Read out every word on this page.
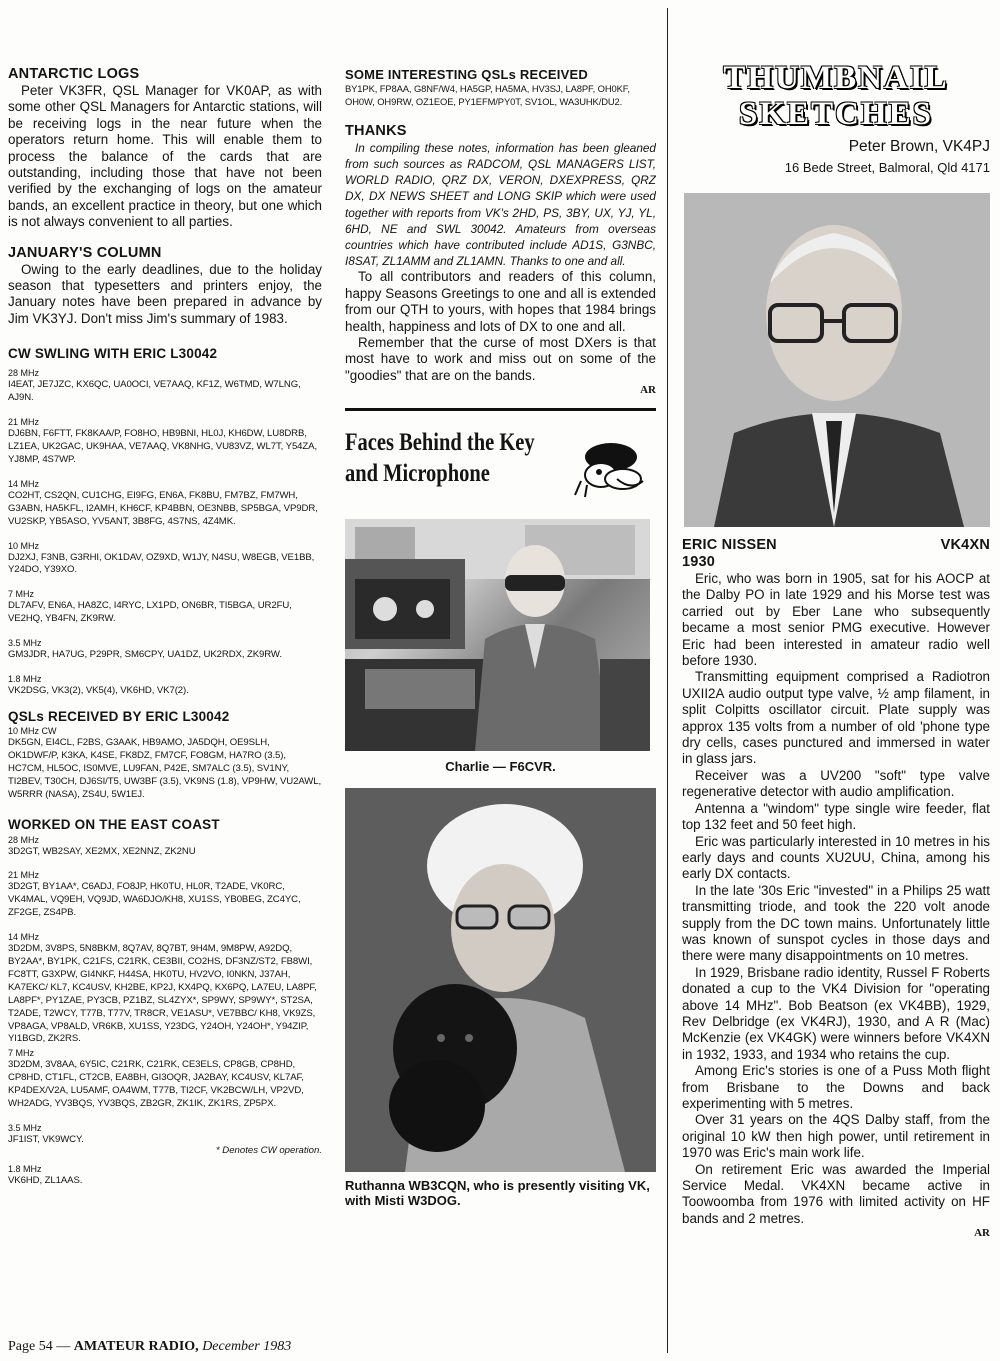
ANTARCTIC LOGS

Peter VK3FR, QSL Manager for VK0AP, as with some other QSL Managers for Antarctic stations, will be receiving logs in the near future when the operators return home. This will enable them to process the balance of the cards that are outstanding, including those that have not been verified by the exchanging of logs on the amateur bands, an excellent practice in theory, but one which is not always convenient to all parties.

JANUARY'S COLUMN

Owing to the early deadlines, due to the holiday season that typesetters and printers enjoy, the January notes have been prepared in advance by Jim VK3YJ. Don't miss Jim's summary of 1983.

CW SWLING WITH ERIC L30042
28 MHz

I4EAT, JE7JZC, KX6QC, UA0OCI, VE7AAQ, KF1Z, W6TMD, W7LNG, AJ9N.

21 MHz

DJ6BN, F6FTT, FK8KAA/P, FO8HO, HB9BNI, HL0J, KH6DW, LU8DRB, LZ1EA, UK2GAC, UK9HAA, VE7AAQ, VK8NHG, VU83VZ, WL7T, Y54ZA, YJ8MP, 4S7WP.

14 MHz

CO2HT, CS2QN, CU1CHG, EI9FG, EN6A, FK8BU, FM7BZ, FM7WH, G3ABN, HA5KFL, I2AMH, KH6CF, KP4BBN, OE3NBB, SP5BGA, VP9DR, VU2SKP, YB5ASO, YV5ANT, 3B8FG, 4S7NS, 4Z4MK.

10 MHz

DJ2XJ, F3NB, G3RHI, OK1DAV, OZ9XD, W1JY, N4SU, W8EGB, VE1BB, Y24DO, Y39XO.

7 MHz

DL7AFV, EN6A, HA8ZC, I4RYC, LX1PD, ON6BR, TI5BGA, UR2FU, VE2HQ, YB4FN, ZK9RW.

3.5 MHz

GM3JDR, HA7UG, P29PR, SM6CPY, UA1DZ, UK2RDX, ZK9RW.

1.8 MHz

VK2DSG, VK3(2), VK5(4), VK6HD, VK7(2).

QSLs RECEIVED BY ERIC L30042
10 MHz CW

DK5GN, EI4CL, F2BS, G3AAK, HB9AMO, JA5DQH, OE9SLH, OK1DWF/P, K3KA, K4SE, FK8DZ, FM7CF, FO8GM, HA7RO (3.5), HC7CM, HL5OC, IS0MVE, LU9FAN, P42E, SM7ALC (3.5), SV1NY, TI2BEV, T30CH, DJ6SI/T5, UW3BF (3.5), VK9NS (1.8), VP9HW, VU2AWL, W5RRR (NASA), ZS4U, 5W1EJ.

WORKED ON THE EAST COAST
28 MHz

3D2GT, WB2SAY, XE2MX, XE2NNZ, ZK2NU

21 MHz

3D2GT, BY1AA*, C6ADJ, FO8JP, HK0TU, HL0R, T2ADE, VK0RC, VK4MAL, VQ9EH, VQ9JD, WA6DJO/KH8, XU1SS, YB0BEG, ZC4YC, ZF2GE, ZS4PB.

14 MHz

3D2DM, 3V8PS, 5N8BKM, 8Q7AV, 8Q7BT, 9H4M, 9M8PW, A92DQ, BY2AA*, BY1PK, C21FS, C21RK, CE3BII, CO2HS, DF3NZ/ST2, FB8WI, FC8TT, G3XPW, GI4NKF, H44SA, HK0TU, HV2VO, I0NKN, J37AH, KA7EKC/ KL7, KC4USV, KH2BE, KP2J, KX4PQ, KX6PQ, LA7EU, LA8PF, LA8PF*, PY1ZAE, PY3CB, PZ1BZ, SL4ZYX*, SP9WY, SP9WY*, ST2SA, T2ADE, T2WCY, T77B, T77V, TR8CR, VE1ASU*, VE7BBC/ KH8, VK9ZS, VP8AGA, VP8ALD, VR6KB, XU1SS, Y23DG, Y24OH, Y24OH*, Y94ZIP, YI1BGD, ZK2RS.

7 MHz

3D2DM, 3V8AA, 6Y5IC, C21RK, C21RK, CE3ELS, CP8GB, CP8HD, CP8HD, CT1FL, CT2CB, EA8BH, GI3OQR, JA2BAY, KC4USV, KL7AF, KP4DEX/V2A, LU5AMF, OA4WM, T77B, TI2CF, VK2BCW/LH, VP2VD, WH2ADG, YV3BQS, YV3BQS, ZB2GR, ZK1IK, ZK1RS, ZP5PX.

3.5 MHz

JF1IST, VK9WCY.

* Denotes CW operation.

1.8 MHz

VK6HD, ZL1AAS.

SOME INTERESTING QSLs RECEIVED

BY1PK, FP8AA, G8NF/W4, HA5GP, HA5MA, HV3SJ, LA8PF, OH0KF, OH0W, OH9RW, OZ1EOE, PY1EFM/PY0T, SV1OL, WA3UHK/DU2.

THANKS

In compiling these notes, information has been gleaned from such sources as RADCOM, QSL MANAGERS LIST, WORLD RADIO, QRZ DX, VERON, DXEXPRESS, QRZ DX, DX NEWS SHEET and LONG SKIP which were used together with reports from VK's 2HD, PS, 3BY, UX, YJ, YL, 6HD, NE and SWL 30042. Amateurs from overseas countries which have contributed include AD1S, G3NBC, I8SAT, ZL1AMM and ZL1AMN. Thanks to one and all.

To all contributors and readers of this column, happy Seasons Greetings to one and all is extended from our QTH to yours, with hopes that 1984 brings health, happiness and lots of DX to one and all.

Remember that the curse of most DXers is that most have to work and miss out on some of the "goodies" that are on the bands.

AR

Faces Behind the Key

and Microphone

Charlie — F6CVR.

Ruthanna WB3CQN, who is presently visiting VK, with Misti W3DOG.

THUMBNAIL

SKETCHES

Peter Brown, VK4PJ

16 Bede Street, Balmoral, Qld 4171

ERIC NISSEN	VK4XN
1930

Eric, who was born in 1905, sat for his AOCP at the Dalby PO in late 1929 and his Morse test was carried out by Eber Lane who subsequently became a most senior PMG executive. However Eric had been interested in amateur radio well before 1930.

Transmitting equipment comprised a Radiotron UXII2A audio output type valve, ½ amp filament, in split Colpitts oscillator circuit. Plate supply was approx 135 volts from a number of old 'phone type dry cells, cases punctured and immersed in water in glass jars.

Receiver was a UV200 "soft" type valve regenerative detector with audio amplification.

Antenna a "windom" type single wire feeder, flat top 132 feet and 50 feet high.

Eric was particularly interested in 10 metres in his early days and counts XU2UU, China, among his early DX contacts.

In the late '30s Eric "invested" in a Philips 25 watt transmitting triode, and took the 220 volt anode supply from the DC town mains. Unfortunately little was known of sunspot cycles in those days and there were many disappointments on 10 metres.

In 1929, Brisbane radio identity, Russel F Roberts donated a cup to the VK4 Division for "operating above 14 MHz". Bob Beatson (ex VK4BB), 1929, Rev Delbridge (ex VK4RJ), 1930, and A R (Mac) McKenzie (ex VK4GK) were winners before VK4XN in 1932, 1933, and 1934 who retains the cup.

Among Eric's stories is one of a Puss Moth flight from Brisbane to the Downs and back experimenting with 5 metres.

Over 31 years on the 4QS Dalby staff, from the original 10 kW then high power, until retirement in 1970 was Eric's main work life.

On retirement Eric was awarded the Imperial Service Medal. VK4XN became active in Toowoomba from 1976 with limited activity on HF bands and 2 metres.

AR

Page 54 — AMATEUR RADIO, December 1983
